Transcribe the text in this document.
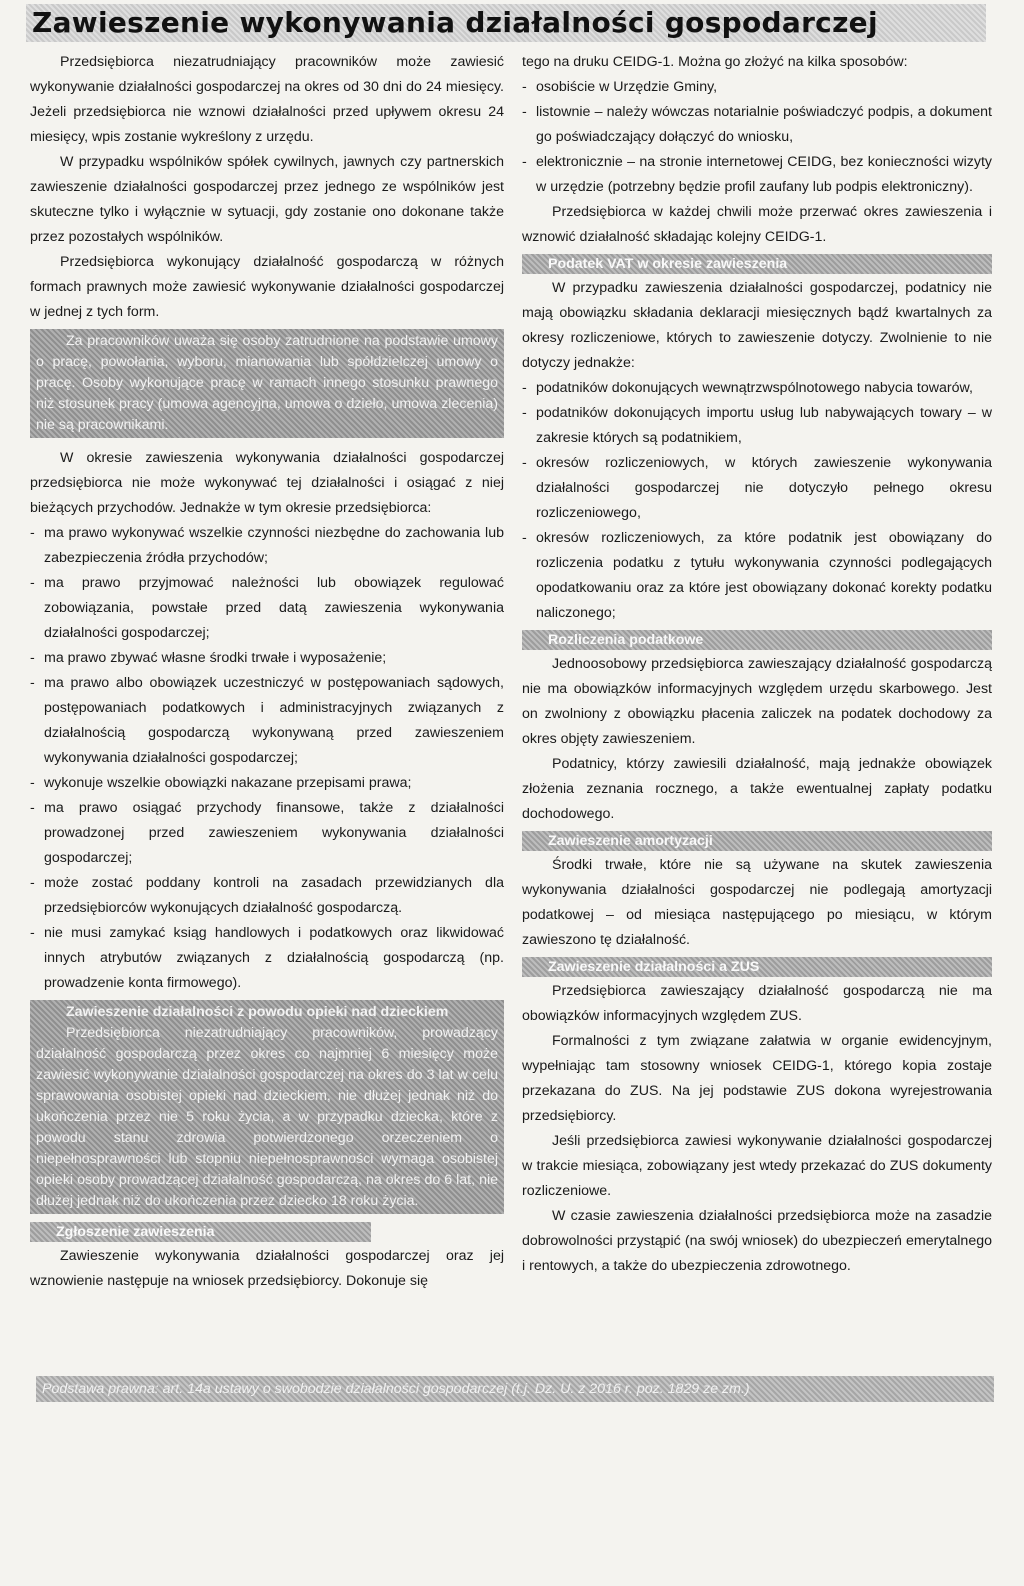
Zawieszenie wykonywania działalności gospodarczej

Przedsiębiorca niezatrudniający pracowników może zawiesić wykonywanie działalności gospodarczej na okres od 30 dni do 24 miesięcy. Jeżeli przedsiębiorca nie wznowi działalności przed upływem okresu 24 miesięcy, wpis zostanie wykreślony z urzędu.

W przypadku wspólników spółek cywilnych, jawnych czy partnerskich zawieszenie działalności gospodarczej przez jednego ze wspólników jest skuteczne tylko i wyłącznie w sytuacji, gdy zostanie ono dokonane także przez pozostałych wspólników.

Przedsiębiorca wykonujący działalność gospodarczą w różnych formach prawnych może zawiesić wykonywanie działalności gospodarczej w jednej z tych form.

Za pracowników uważa się osoby zatrudnione na podstawie umowy o pracę, powołania, wyboru, mianowania lub spółdzielczej umowy o pracę. Osoby wykonujące pracę w ramach innego stosunku prawnego niż stosunek pracy (umowa agencyjna, umowa o dzieło, umowa zlecenia) nie są pracownikami.

W okresie zawieszenia wykonywania działalności gospodarczej przedsiębiorca nie może wykonywać tej działalności i osiągać z niej bieżących przychodów. Jednakże w tym okresie przedsiębiorca:

- ma prawo wykonywać wszelkie czynności niezbędne do zachowania lub zabezpieczenia źródła przychodów;
- ma prawo przyjmować należności lub obowiązek regulować zobowiązania, powstałe przed datą zawieszenia wykonywania działalności gospodarczej;
- ma prawo zbywać własne środki trwałe i wyposażenie;
- ma prawo albo obowiązek uczestniczyć w postępowaniach sądowych, postępowaniach podatkowych i administracyjnych związanych z działalnością gospodarczą wykonywaną przed zawieszeniem wykonywania działalności gospodarczej;
- wykonuje wszelkie obowiązki nakazane przepisami prawa;
- ma prawo osiągać przychody finansowe, także z działalności prowadzonej przed zawieszeniem wykonywania działalności gospodarczej;
- może zostać poddany kontroli na zasadach przewidzianych dla przedsiębiorców wykonujących działalność gospodarczą.
- nie musi zamykać ksiąg handlowych i podatkowych oraz likwidować innych atrybutów związanych z działalnością gospodarczą (np. prowadzenie konta firmowego).

Zawieszenie działalności z powodu opieki nad dzieckiem

Przedsiębiorca niezatrudniający pracowników, prowadzący działalność gospodarczą przez okres co najmniej 6 miesięcy może zawiesić wykonywanie działalności gospodarczej na okres do 3 lat w celu sprawowania osobistej opieki nad dzieckiem, nie dłużej jednak niż do ukończenia przez nie 5 roku życia, a w przypadku dziecka, które z powodu stanu zdrowia potwierdzonego orzeczeniem o niepełnosprawności lub stopniu niepełnosprawności wymaga osobistej opieki osoby prowadzącej działalność gospodarczą, na okres do 6 lat, nie dłużej jednak niż do ukończenia przez dziecko 18 roku życia.

Zgłoszenie zawieszenia

Zawieszenie wykonywania działalności gospodarczej oraz jej wznowienie następuje na wniosek przedsiębiorcy. Dokonuje się

tego na druku CEIDG-1. Można go złożyć na kilka sposobów:

- osobiście w Urzędzie Gminy,
- listownie – należy wówczas notarialnie poświadczyć podpis, a dokument go poświadczający dołączyć do wniosku,
- elektronicznie – na stronie internetowej CEIDG, bez konieczności wizyty w urzędzie (potrzebny będzie profil zaufany lub podpis elektroniczny).

Przedsiębiorca w każdej chwili może przerwać okres zawieszenia i wznowić działalność składając kolejny CEIDG-1.

Podatek VAT w okresie zawieszenia

W przypadku zawieszenia działalności gospodarczej, podatnicy nie mają obowiązku składania deklaracji miesięcznych bądź kwartalnych za okresy rozliczeniowe, których to zawieszenie dotyczy. Zwolnienie to nie dotyczy jednakże:

- podatników dokonujących wewnątrzwspólnotowego nabycia towarów,
- podatników dokonujących importu usług lub nabywających towary – w zakresie których są podatnikiem,
- okresów rozliczeniowych, w których zawieszenie wykonywania działalności gospodarczej nie dotyczyło pełnego okresu rozliczeniowego,
- okresów rozliczeniowych, za które podatnik jest obowiązany do rozliczenia podatku z tytułu wykonywania czynności podlegających opodatkowaniu oraz za które jest obowiązany dokonać korekty podatku naliczonego;
Rozliczenia podatkowe

Jednoosobowy przedsiębiorca zawieszający działalność gospodarczą nie ma obowiązków informacyjnych względem urzędu skarbowego. Jest on zwolniony z obowiązku płacenia zaliczek na podatek dochodowy za okres objęty zawieszeniem.

Podatnicy, którzy zawiesili działalność, mają jednakże obowiązek złożenia zeznania rocznego, a także ewentualnej zapłaty podatku dochodowego.

Zawieszenie amortyzacji

Środki trwałe, które nie są używane na skutek zawieszenia wykonywania działalności gospodarczej nie podlegają amortyzacji podatkowej – od miesiąca następującego po miesiącu, w którym zawieszono tę działalność.

Zawieszenie działalności a ZUS

Przedsiębiorca zawieszający działalność gospodarczą nie ma obowiązków informacyjnych względem ZUS.

Formalności z tym związane załatwia w organie ewidencyjnym, wypełniając tam stosowny wniosek CEIDG-1, którego kopia zostaje przekazana do ZUS. Na jej podstawie ZUS dokona wyrejestrowania przedsiębiorcy.

Jeśli przedsiębiorca zawiesi wykonywanie działalności gospodarczej w trakcie miesiąca, zobowiązany jest wtedy przekazać do ZUS dokumenty rozliczeniowe.

W czasie zawieszenia działalności przedsiębiorca może na zasadzie dobrowolności przystąpić (na swój wniosek) do ubezpieczeń emerytalnego i rentowych, a także do ubezpieczenia zdrowotnego.

Podstawa prawna: art. 14a ustawy o swobodzie działalności gospodarczej (t.j. Dz. U. z 2016 r. poz. 1829 ze zm.)
